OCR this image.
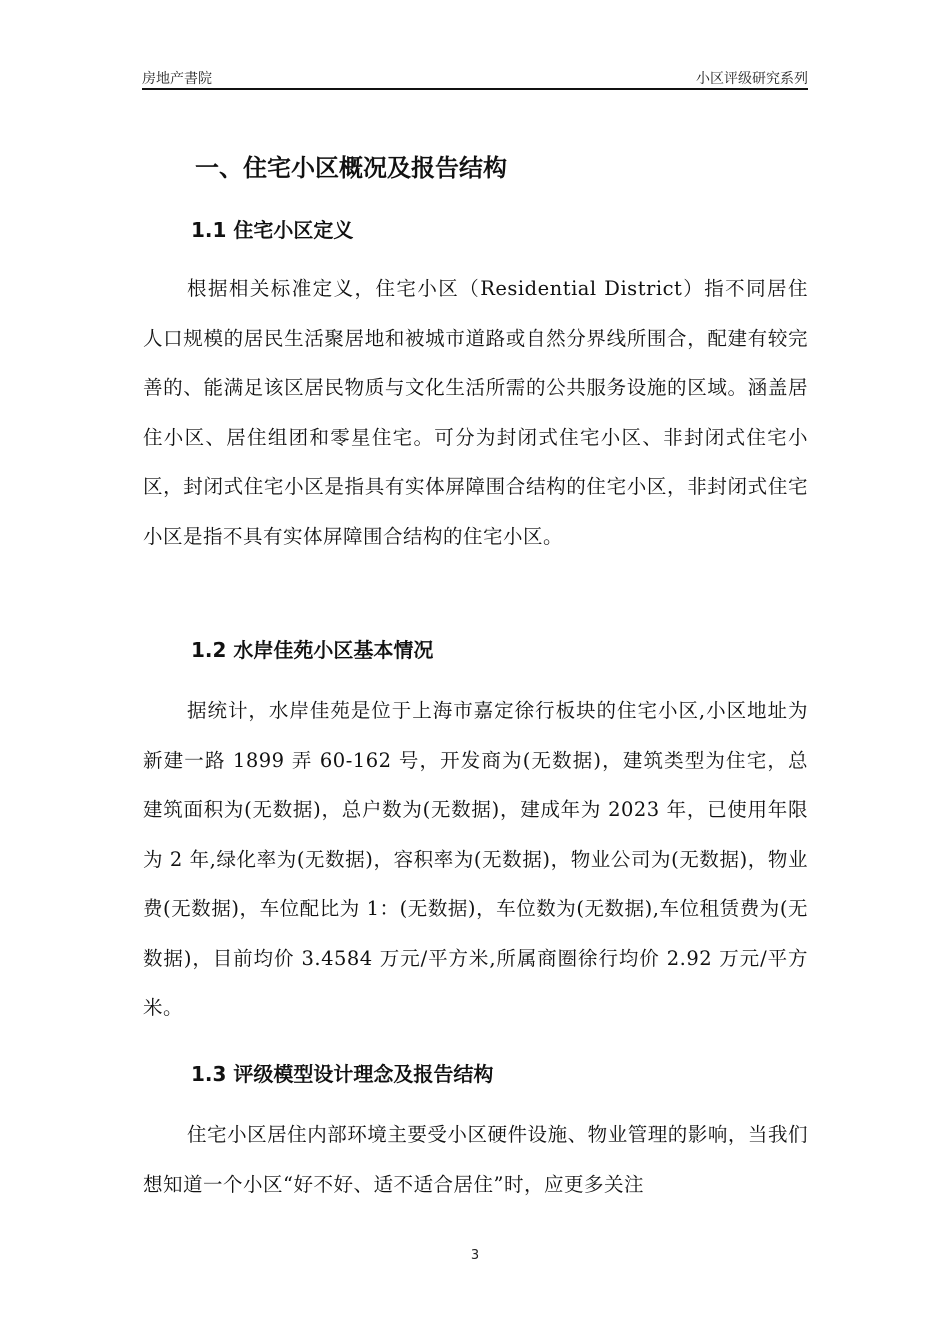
房地产書院	小区评级研究系列
一、住宅小区概况及报告结构
1.1 住宅小区定义

根据相关标准定义，住宅小区（Residential District）指不同居住人口规模的居民生活聚居地和被城市道路或自然分界线所围合，配建有较完善的、能满足该区居民物质与文化生活所需的公共服务设施的区域。涵盖居住小区、居住组团和零星住宅。可分为封闭式住宅小区、非封闭式住宅小区，封闭式住宅小区是指具有实体屏障围合结构的住宅小区，非封闭式住宅小区是指不具有实体屏障围合结构的住宅小区。

1.2 水岸佳苑小区基本情况

据统计，水岸佳苑是位于上海市嘉定徐行板块的住宅小区,小区地址为新建一路 1899 弄 60-162 号，开发商为(无数据)，建筑类型为住宅，总建筑面积为(无数据)，总户数为(无数据)，建成年为 2023 年，已使用年限为 2 年,绿化率为(无数据)，容积率为(无数据)，物业公司为(无数据)，物业费(无数据)，车位配比为 1：(无数据)，车位数为(无数据),车位租赁费为(无数据)，目前均价 3.4584 万元/平方米,所属商圈徐行均价 2.92 万元/平方米。

1.3 评级模型设计理念及报告结构

住宅小区居住内部环境主要受小区硬件设施、物业管理的影响，当我们想知道一个小区“好不好、适不适合居住”时，应更多关注

3
